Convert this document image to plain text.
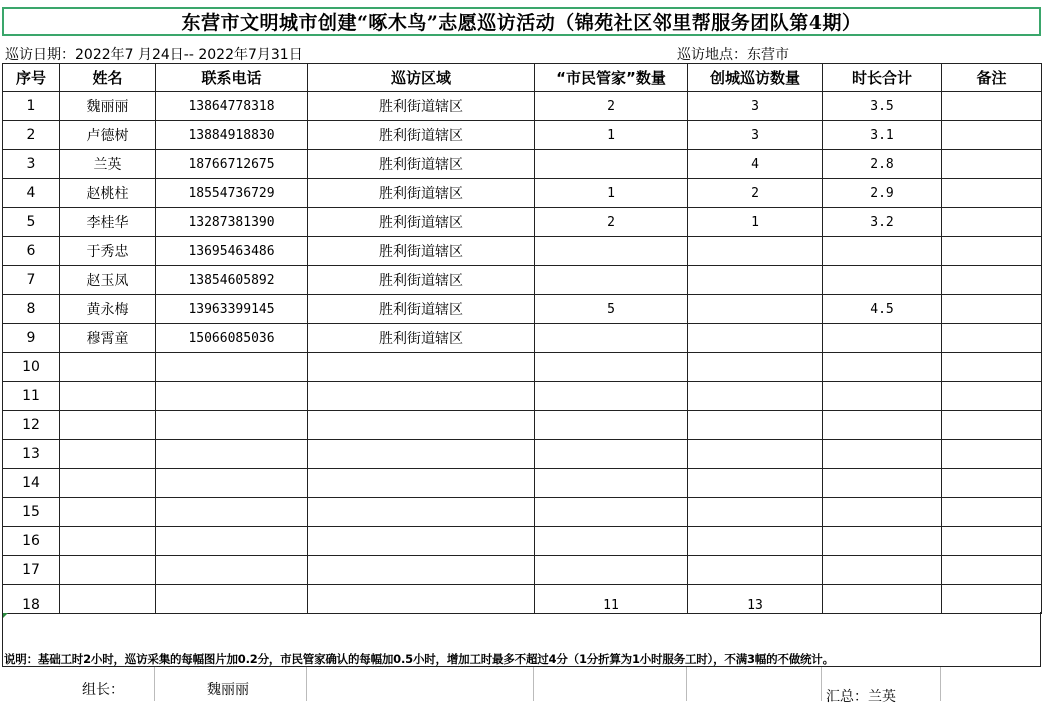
东营市文明城市创建“啄木鸟”志愿巡访活动（锦苑社区邻里帮服务团队第4期）
巡访日期：2022年7 月24日-- 2022年7月31日	巡访地点：东营市
序号	姓名	联系电话	巡访区域	“市民管家”数量	创城巡访数量	时长合计	备注
1	魏丽丽	13864778318	胜利街道辖区	2	3	3.5	
2	卢德树	13884918830	胜利街道辖区	1	3	3.1	
3	兰英	18766712675	胜利街道辖区		4	2.8	
4	赵桃柱	18554736729	胜利街道辖区	1	2	2.9	
5	李桂华	13287381390	胜利街道辖区	2	1	3.2	
6	于秀忠	13695463486	胜利街道辖区				
7	赵玉凤	13854605892	胜利街道辖区				
8	黄永梅	13963399145	胜利街道辖区	5		4.5	
9	穆霄童	15066085036	胜利街道辖区				
10							
11							
12							
13							
14							
15							
16							
17							
18				11	13		
说明：基础工时2小时，巡访采集的每幅图片加0.2分，市民管家确认的每幅加0.5小时，增加工时最多不超过4分（1分折算为1小时服务工时），不满3幅的不做统计。
组长：	魏丽丽	汇总：兰英
